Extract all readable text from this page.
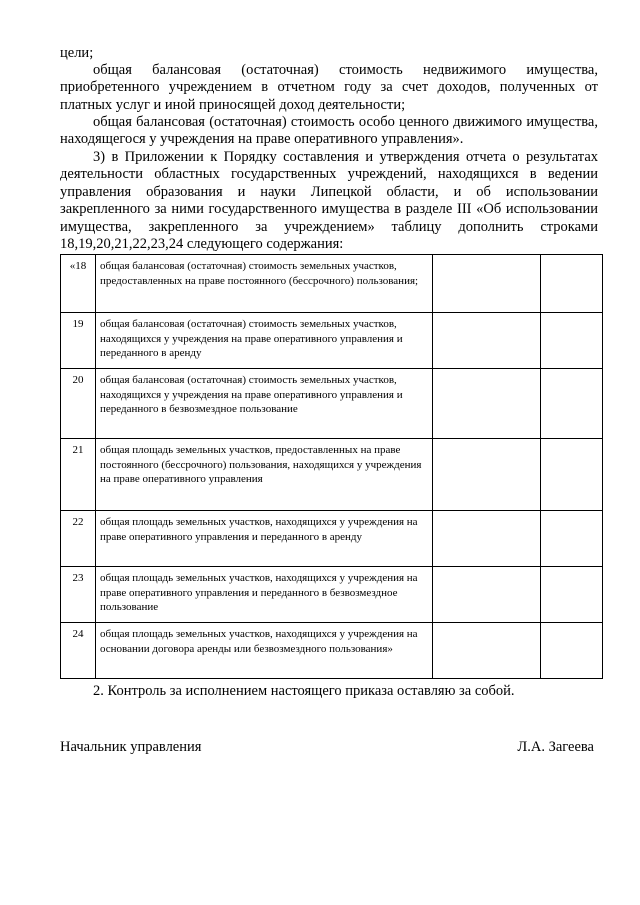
цели;

общая балансовая (остаточная) стоимость недвижимого имущества, приобретенного учреждением в отчетном году за счет доходов, полученных от платных услуг и иной приносящей доход деятельности;

общая балансовая (остаточная) стоимость особо ценного движимого имущества, находящегося у учреждения на праве оперативного управления».

3) в Приложении к Порядку составления и утверждения отчета о результатах деятельности областных государственных учреждений, находящихся в ведении управления образования и науки Липецкой области, и об использовании закрепленного за ними государственного имущества в разделе III «Об использовании имущества, закрепленного за учреждением» таблицу дополнить строками 18,19,20,21,22,23,24 следующего содержания:

«18	общая балансовая (остаточная) стоимость земельных участков, предоставленных на праве постоянного (бессрочного) пользования;		
19	общая балансовая (остаточная) стоимость земельных участков, находящихся у учреждения на праве оперативного управления и переданного в аренду		
20	общая балансовая (остаточная) стоимость земельных участков, находящихся у учреждения на праве оперативного управления и переданного в безвозмездное пользование		
21	общая площадь земельных участков, предоставленных на праве постоянного (бессрочного) пользования, находящихся у учреждения на праве оперативного управления		
22	общая площадь земельных участков, находящихся у учреждения на праве оперативного управления и переданного в аренду		
23	общая площадь земельных участков, находящихся у учреждения на праве оперативного управления и переданного в безвозмездное пользование		
24	общая площадь земельных участков, находящихся у учреждения на основании договора аренды или безвозмездного пользования»		

2. Контроль за исполнением настоящего приказа оставляю за собой.

Начальник управления	Л.А. Загеева
